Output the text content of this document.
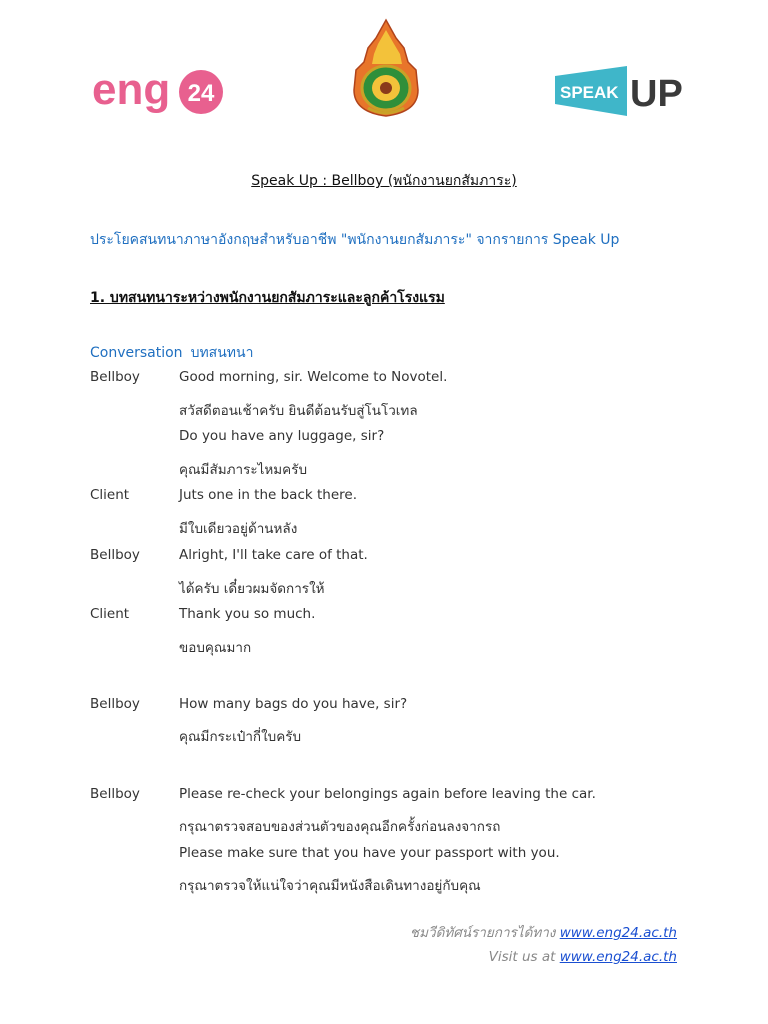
eng 24	SPEAK UP
Speak Up : Bellboy (พนักงานยกสัมภาระ)
ประโยคสนทนาภาษาอังกฤษสำหรับอาชีพ "พนักงานยกสัมภาระ" จากรายการ Speak Up
1. บทสนทนาระหว่างพนักงานยกสัมภาระและลูกค้าโรงแรม
Conversation บทสนทนา
Bellboy	Good morning, sir. Welcome to Novotel.
สวัสดีตอนเช้าครับ ยินดีต้อนรับสู่โนโวเทล
Do you have any luggage, sir?
คุณมีสัมภาระไหมครับ
Client	Juts one in the back there.
มีใบเดียวอยู่ด้านหลัง
Bellboy	Alright, I'll take care of that.
ได้ครับ เดี๋ยวผมจัดการให้
Client	Thank you so much.
ขอบคุณมาก
Bellboy	How many bags do you have, sir?
คุณมีกระเป๋ากี่ใบครับ
Bellboy	Please re-check your belongings again before leaving the car.
กรุณาตรวจสอบของส่วนตัวของคุณอีกครั้งก่อนลงจากรถ
Please make sure that you have your passport with you.
กรุณาตรวจให้แน่ใจว่าคุณมีหนังสือเดินทางอยู่กับคุณ
ชมวีดิทัศน์รายการได้ทาง www.eng24.ac.th
Visit us at www.eng24.ac.th
